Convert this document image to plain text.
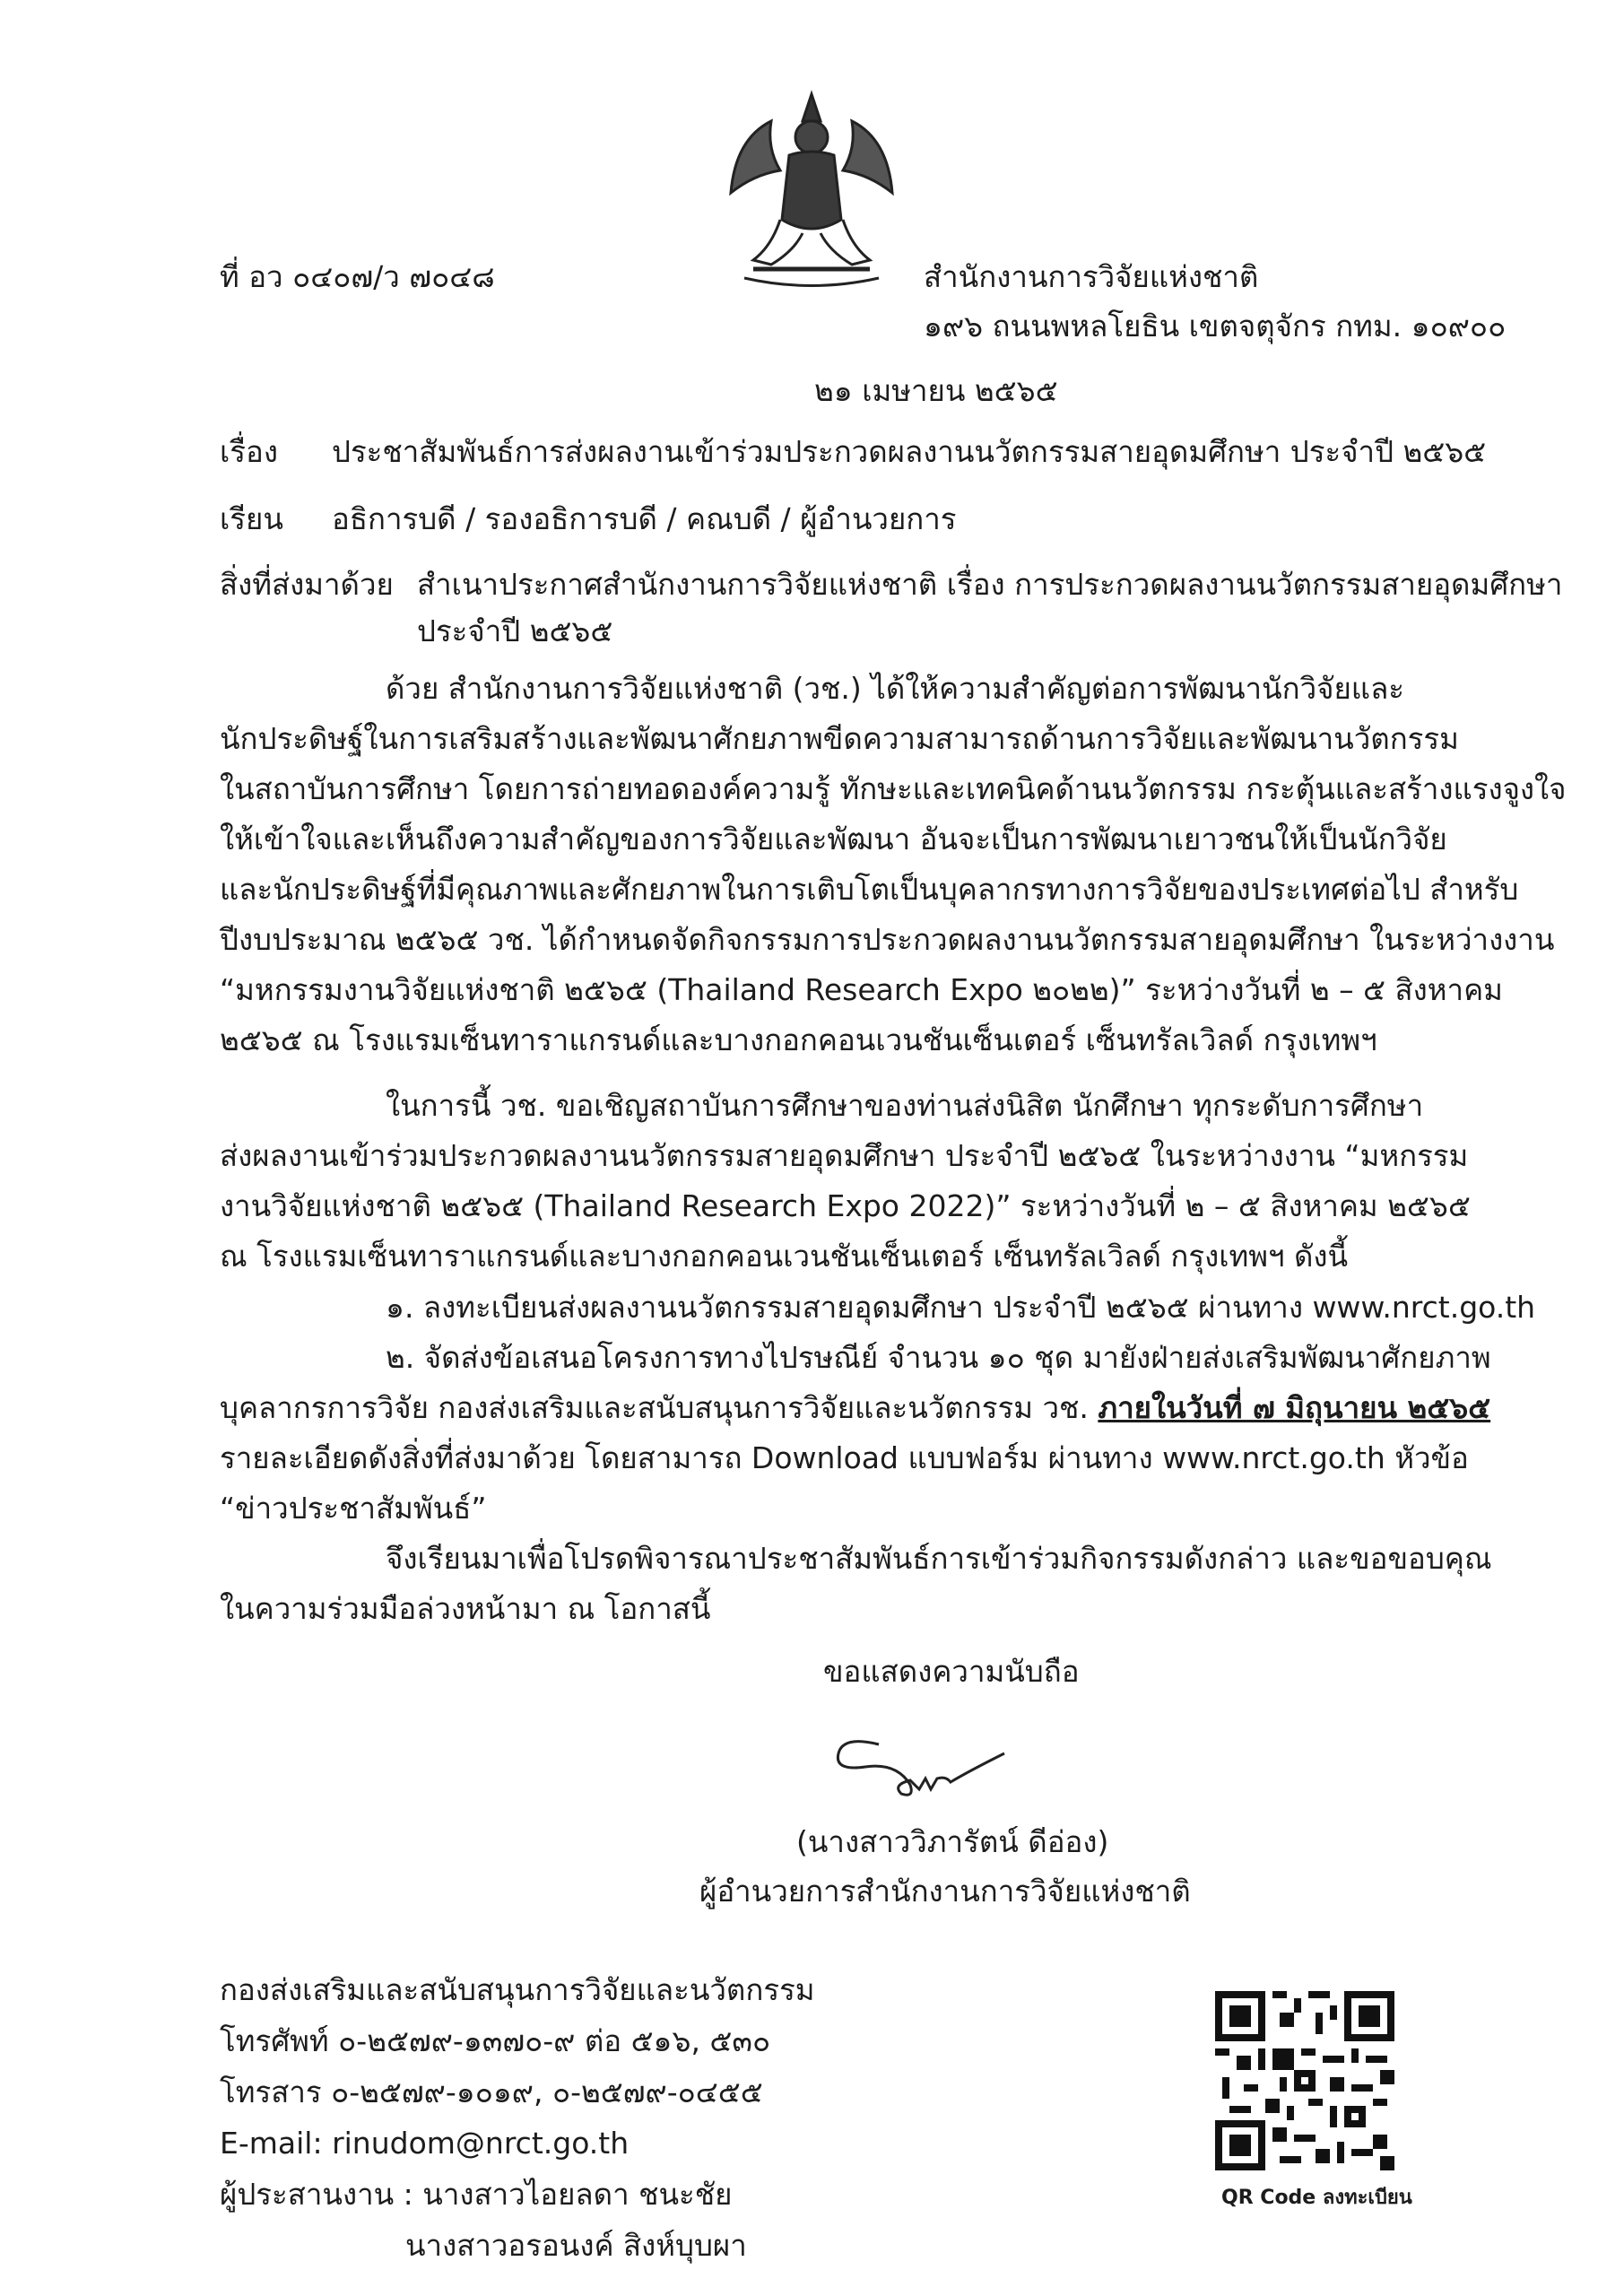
ที่ อว ๐๔๐๗/ว ๗๐๔๘	สำนักงานการวิจัยแห่งชาติ
๑๙๖ ถนนพหลโยธิน เขตจตุจักร กทม. ๑๐๙๐๐
๒๑ เมษายน ๒๕๖๕
เรื่อง ประชาสัมพันธ์การส่งผลงานเข้าร่วมประกวดผลงานนวัตกรรมสายอุดมศึกษา ประจำปี ๒๕๖๕
เรียน อธิการบดี / รองอธิการบดี / คณบดี / ผู้อำนวยการ
สิ่งที่ส่งมาด้วย สำเนาประกาศสำนักงานการวิจัยแห่งชาติ เรื่อง การประกวดผลงานนวัตกรรมสายอุดมศึกษา
ประจำปี ๒๕๖๕
ด้วย สำนักงานการวิจัยแห่งชาติ (วช.) ได้ให้ความสำคัญต่อการพัฒนานักวิจัยและ
นักประดิษฐ์ในการเสริมสร้างและพัฒนาศักยภาพขีดความสามารถด้านการวิจัยและพัฒนานวัตกรรม
ในสถาบันการศึกษา โดยการถ่ายทอดองค์ความรู้ ทักษะและเทคนิคด้านนวัตกรรม กระตุ้นและสร้างแรงจูงใจ
ให้เข้าใจและเห็นถึงความสำคัญของการวิจัยและพัฒนา อันจะเป็นการพัฒนาเยาวชนให้เป็นนักวิจัย
และนักประดิษฐ์ที่มีคุณภาพและศักยภาพในการเติบโตเป็นบุคลากรทางการวิจัยของประเทศต่อไป สำหรับ
ปีงบประมาณ ๒๕๖๕ วช. ได้กำหนดจัดกิจกรรมการประกวดผลงานนวัตกรรมสายอุดมศึกษา ในระหว่างงาน
“มหกรรมงานวิจัยแห่งชาติ ๒๕๖๕ (Thailand Research Expo ๒๐๒๒)” ระหว่างวันที่ ๒ – ๕ สิงหาคม
๒๕๖๕ ณ โรงแรมเซ็นทาราแกรนด์และบางกอกคอนเวนชันเซ็นเตอร์ เซ็นทรัลเวิลด์ กรุงเทพฯ
ในการนี้ วช. ขอเชิญสถาบันการศึกษาของท่านส่งนิสิต นักศึกษา ทุกระดับการศึกษา
ส่งผลงานเข้าร่วมประกวดผลงานนวัตกรรมสายอุดมศึกษา ประจำปี ๒๕๖๕ ในระหว่างงาน “มหกรรม
งานวิจัยแห่งชาติ ๒๕๖๕ (Thailand Research Expo 2022)” ระหว่างวันที่ ๒ – ๕ สิงหาคม ๒๕๖๕
ณ โรงแรมเซ็นทาราแกรนด์และบางกอกคอนเวนชันเซ็นเตอร์ เซ็นทรัลเวิลด์ กรุงเทพฯ ดังนี้
๑. ลงทะเบียนส่งผลงานนวัตกรรมสายอุดมศึกษา ประจำปี ๒๕๖๕ ผ่านทาง www.nrct.go.th
๒. จัดส่งข้อเสนอโครงการทางไปรษณีย์ จำนวน ๑๐ ชุด มายังฝ่ายส่งเสริมพัฒนาศักยภาพ
บุคลากรการวิจัย กองส่งเสริมและสนับสนุนการวิจัยและนวัตกรรม วช. ภายในวันที่ ๗ มิถุนายน ๒๕๖๕
รายละเอียดดังสิ่งที่ส่งมาด้วย โดยสามารถ Download แบบฟอร์ม ผ่านทาง www.nrct.go.th หัวข้อ
“ข่าวประชาสัมพันธ์”
จึงเรียนมาเพื่อโปรดพิจารณาประชาสัมพันธ์การเข้าร่วมกิจกรรมดังกล่าว และขอขอบคุณ
ในความร่วมมือล่วงหน้ามา ณ โอกาสนี้
ขอแสดงความนับถือ
(นางสาววิภารัตน์ ดีอ่อง)
ผู้อำนวยการสำนักงานการวิจัยแห่งชาติ
กองส่งเสริมและสนับสนุนการวิจัยและนวัตกรรม
โทรศัพท์ ๐-๒๕๗๙-๑๓๗๐-๙ ต่อ ๕๑๖, ๕๓๐
โทรสาร ๐-๒๕๗๙-๑๐๑๙, ๐-๒๕๗๙-๐๔๕๕
E-mail: rinudom@nrct.go.th
ผู้ประสานงาน : นางสาวไอยลดา ชนะชัย
นางสาวอรอนงค์ สิงห์บุบผา
QR Code ลงทะเบียน
